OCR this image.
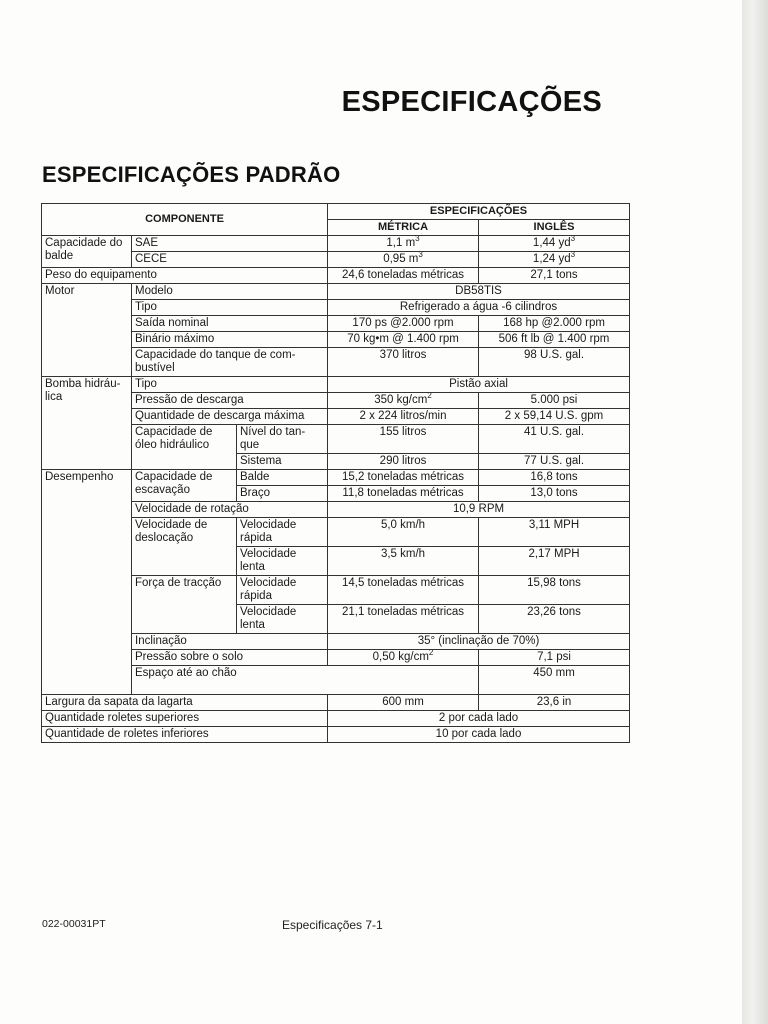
ESPECIFICAÇÕES
ESPECIFICAÇÕES PADRÃO
COMPONENTE			ESPECIFICAÇÕES		
			MÉTRICA	INGLÊS	
Capacidade do balde	SAE		1,1 $m^3$	1,44 $yd^3$
	CECE		0,95 $m^3$	1,24 $yd^3$
Peso do equipamento			24,6 toneladas métricas	27,1 tons	
Motor	Modelo		DB58TIS		
	Tipo		Refrigerado a água -6 cilindros		
	Saída nominal		170 ps @2.000 rpm	168 hp @2.000 rpm	
	Binário máximo		70 kg•m @ 1.400 rpm	506 ft lb @ 1.400 rpm	
	Capacidade do tanque de com-bustível		370 litros	98 U.S. gal.	
Bomba hidráu-lica	Tipo		Pistão axial		
	Pressão de descarga		350 $kg/cm^2$	5.000 psi	
	Quantidade de descarga máxima		2 x 224 litros/min	2 x 59,14 U.S. gpm	
	Capacidade de óleo hidráulico	Nível do tan-que	155 litros	41 U.S. gal.	
		Sistema	290 litros	77 U.S. gal.	
Desempenho	Capacidade de escavação	Balde	15,2 toneladas métricas	16,8 tons	
		Braço	11,8 toneladas métricas	13,0 tons	
	Velocidade de rotação		10,9 RPM		
	Velocidade de deslocação	Velocidade rápida	5,0 km/h	3,11 MPH	
		Velocidade lenta	3,5 km/h	2,17 MPH	
	Força de tracção	Velocidade rápida	14,5 toneladas métricas	15,98 tons	
		Velocidade lenta	21,1 toneladas métricas	23,26 tons	
	Inclinação		35° (inclinação de 70%)		
	Pressão sobre o solo		0,50 $kg/cm^2$	7,1 psi	
	Espaço até ao chão			450 mm	
Largura da sapata da lagarta			600 mm	23,6 in	
Quantidade roletes superiores			2 por cada lado		
Quantidade de roletes inferiores			10 por cada lado		
022-00031PT	Especificações 7-1
